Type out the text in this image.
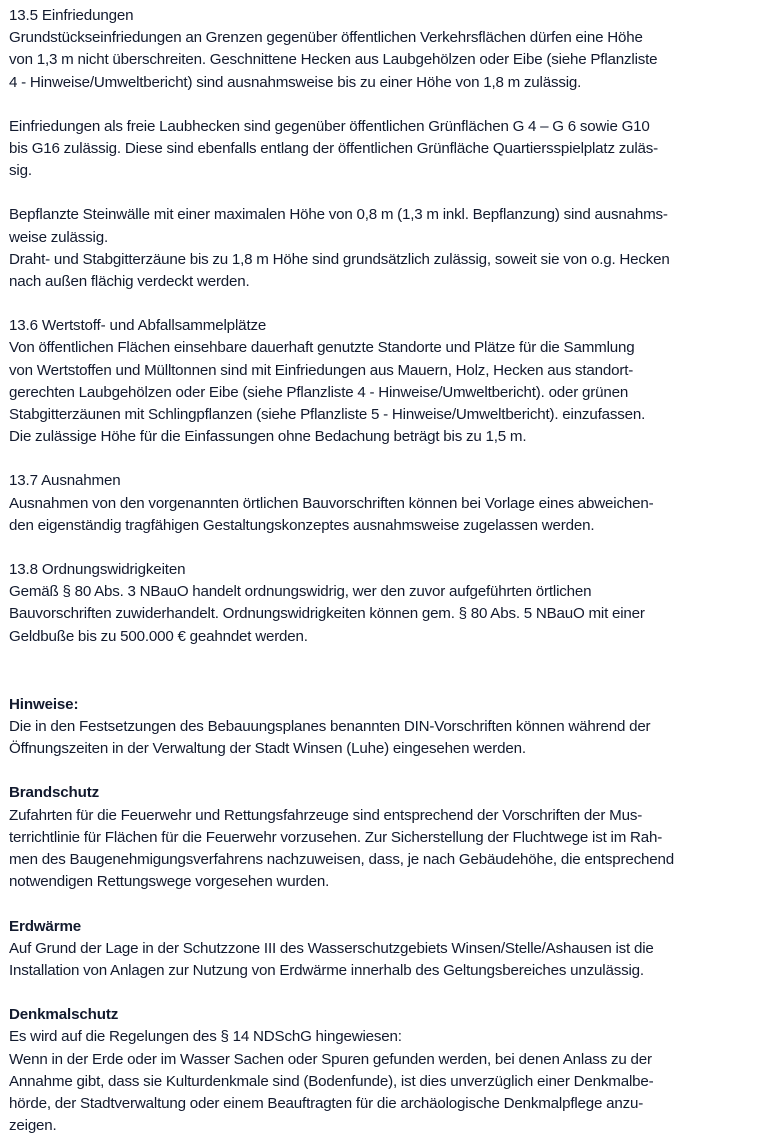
13.5 Einfriedungen

Grundstückseinfriedungen an Grenzen gegenüber öffentlichen Verkehrsflächen dürfen eine Höhe von 1,3 m nicht überschreiten. Geschnittene Hecken aus Laubgehölzen oder Eibe (siehe Pflanzliste 4 - Hinweise/Umweltbericht) sind ausnahmsweise bis zu einer Höhe von 1,8 m zulässig.

Einfriedungen als freie Laubhecken sind gegenüber öffentlichen Grünflächen G 4 – G 6 sowie G10 bis G16 zulässig. Diese sind ebenfalls entlang der öffentlichen Grünfläche Quartiersspielplatz zuläs- sig.

Bepflanzte Steinwälle mit einer maximalen Höhe von 0,8 m (1,3 m inkl. Bepflanzung) sind ausnahms- weise zulässig. Draht- und Stabgitterzäune bis zu 1,8 m Höhe sind grundsätzlich zulässig, soweit sie von o.g. Hecken nach außen flächig verdeckt werden.

13.6 Wertstoff- und Abfallsammelplätze

Von öffentlichen Flächen einsehbare dauerhaft genutzte Standorte und Plätze für die Sammlung von Wertstoffen und Mülltonnen sind mit Einfriedungen aus Mauern, Holz, Hecken aus standort- gerechten Laubgehölzen oder Eibe (siehe Pflanzliste 4 - Hinweise/Umweltbericht). oder grünen Stabgitterzäunen mit Schlingpflanzen (siehe Pflanzliste 5 - Hinweise/Umweltbericht). einzufassen. Die zulässige Höhe für die Einfassungen ohne Bedachung beträgt bis zu 1,5 m.

13.7 Ausnahmen

Ausnahmen von den vorgenannten örtlichen Bauvorschriften können bei Vorlage eines abweichen- den eigenständig tragfähigen Gestaltungskonzeptes ausnahmsweise zugelassen werden.

13.8 Ordnungswidrigkeiten

Gemäß § 80 Abs. 3 NBauO handelt ordnungswidrig, wer den zuvor aufgeführten örtlichen Bauvorschriften zuwiderhandelt. Ordnungswidrigkeiten können gem. § 80 Abs. 5 NBauO mit einer Geldbuße bis zu 500.000 € geahndet werden.

Hinweise:

Die in den Festsetzungen des Bebauungsplanes benannten DIN-Vorschriften können während der Öffnungszeiten in der Verwaltung der Stadt Winsen (Luhe) eingesehen werden.

Brandschutz

Zufahrten für die Feuerwehr und Rettungsfahrzeuge sind entsprechend der Vorschriften der Mus- terrichtlinie für Flächen für die Feuerwehr vorzusehen. Zur Sicherstellung der Fluchtwege ist im Rah- men des Baugenehmigungsverfahrens nachzuweisen, dass, je nach Gebäudehöhe, die entsprechend notwendigen Rettungswege vorgesehen wurden.

Erdwärme

Auf Grund der Lage in der Schutzzone III des Wasserschutzgebiets Winsen/Stelle/Ashausen ist die Installation von Anlagen zur Nutzung von Erdwärme innerhalb des Geltungsbereiches unzulässig.

Denkmalschutz

Es wird auf die Regelungen des § 14 NDSchG hingewiesen:

Wenn in der Erde oder im Wasser Sachen oder Spuren gefunden werden, bei denen Anlass zu der Annahme gibt, dass sie Kulturdenkmale sind (Bodenfunde), ist dies unverzüglich einer Denkmalbe- hörde, der Stadtverwaltung oder einem Beauftragten für die archäologische Denkmalpflege anzu- zeigen.
